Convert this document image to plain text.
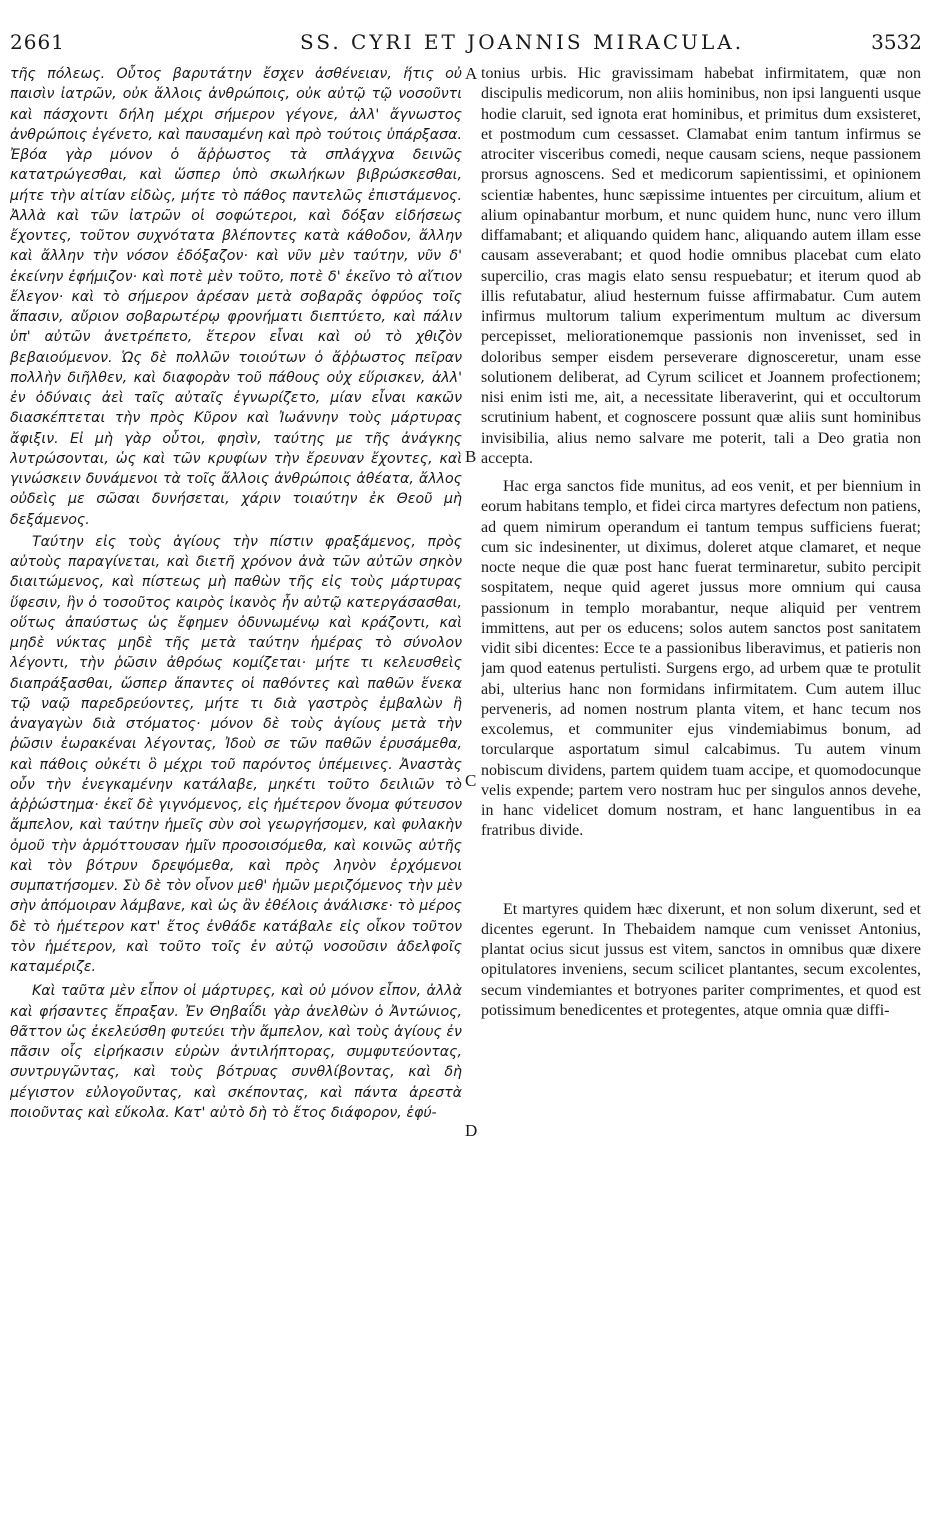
2661	SS. CYRI ET JOANNIS MIRACULA.	3532

τῆς πόλεως. Οὗτος βαρυτάτην ἔσχεν ἀσθένειαν, ἥτις οὐ παισὶν ἰατρῶν, οὐκ ἄλλοις ἀνθρώποις, οὐκ αὐτῷ τῷ νοσοῦντι καὶ πάσχοντι δήλη μέχρι σήμερον γέγονε, ἀλλ' ἄγνωστος ἀνθρώποις ἐγένετο, καὶ παυσαμένη καὶ πρὸ τούτοις ὑπάρξασα. Ἐβόα γὰρ μόνον ὁ ἄῤῥωστος τὰ σπλάγχνα δεινῶς κατατρώγεσθαι, καὶ ὥσπερ ὑπὸ σκωλήκων βιβρώσκεσθαι, μήτε τὴν αἰτίαν εἰδὼς, μήτε τὸ πάθος παντελῶς ἐπιστάμενος. Ἀλλὰ καὶ τῶν ἰατρῶν οἱ σοφώτεροι, καὶ δόξαν εἰδήσεως ἔχοντες, τοῦτον συχνότατα βλέποντες κατὰ κάθοδον, ἄλλην καὶ ἄλλην τὴν νόσον ἐδόξαζον· καὶ νῦν μὲν ταύτην, νῦν δ' ἐκείνην ἐφήμιζον· καὶ ποτὲ μὲν τοῦτο, ποτὲ δ' ἐκεῖνο τὸ αἴτιον ἔλεγον· καὶ τὸ σήμερον ἀρέσαν μετὰ σοβαρᾶς ὀφρύος τοῖς ἅπασιν, αὔριον σοβαρωτέρῳ φρονήματι διεπτύετο, καὶ πάλιν ὑπ' αὐτῶν ἀνετρέπετο, ἕτερον εἶναι καὶ οὐ τὸ χθιζὸν βεβαιούμενον. Ὡς δὲ πολλῶν τοιούτων ὁ ἄῤῥωστος πεῖραν πολλὴν διῆλθεν, καὶ διαφορὰν τοῦ πάθους οὐχ εὕρισκεν, ἀλλ' ἐν ὀδύναις ἀεὶ ταῖς αὐταῖς ἐγνωρίζετο, μίαν εἶναι κακῶν διασκέπτεται τὴν πρὸς Κῦρον καὶ Ἰωάννην τοὺς μάρτυρας ἄφιξιν. Εἰ μὴ γὰρ οὗτοι, φησὶν, ταύτης με τῆς ἀνάγκης λυτρώσονται, ὡς καὶ τῶν κρυφίων τὴν ἔρευναν ἔχοντες, καὶ γινώσκειν δυνάμενοι τὰ τοῖς ἄλλοις ἀνθρώποις ἀθέατα, ἄλλος οὐδεὶς με σῶσαι δυνήσεται, χάριν τοιαύτην ἐκ Θεοῦ μὴ δεξάμενος.

Ταύτην εἰς τοὺς ἁγίους τὴν πίστιν φραξάμενος, πρὸς αὐτοὺς παραγίνεται, καὶ διετῆ χρόνον ἀνὰ τῶν αὐτῶν σηκὸν διαιτώμενος, καὶ πίστεως μὴ παθὼν τῆς εἰς τοὺς μάρτυρας ὕφεσιν, ἣν ὁ τοσοῦτος καιρὸς ἱκανὸς ἦν αὐτῷ κατεργάσασθαι, οὕτως ἀπαύστως ὡς ἔφημεν ὀδυνωμένῳ καὶ κράζοντι, καὶ μηδὲ νύκτας μηδὲ τῆς μετὰ ταύτην ἡμέρας τὸ σύνολον λέγοντι, τὴν ῥῶσιν ἀθρόως κομίζεται· μήτε τι κελευσθεὶς διαπράξασθαι, ὥσπερ ἅπαντες οἱ παθόντες καὶ παθῶν ἕνεκα τῷ ναῷ παρεδρεύοντες, μήτε τι διὰ γαστρὸς ἐμβαλὼν ἢ ἀναγαγὼν διὰ στόματος· μόνον δὲ τοὺς ἁγίους μετὰ τὴν ῥῶσιν ἑωρακέναι λέγοντας, Ἰδοὺ σε τῶν παθῶν ἐρυσάμεθα, καὶ πάθοις οὐκέτι ὃ μέχρι τοῦ παρόντος ὑπέμεινες. Ἀναστὰς οὖν τὴν ἐνεγκαμένην κατάλαβε, μηκέτι τοῦτο δειλιῶν τὸ ἀῤῥώστημα· ἐκεῖ δὲ γιγνόμενος, εἰς ἡμέτερον ὄνομα φύτευσον ἄμπελον, καὶ ταύτην ἡμεῖς σὺν σοὶ γεωργήσομεν, καὶ φυλακὴν ὁμοῦ τὴν ἁρμόττουσαν ἡμῖν προσοισόμεθα, καὶ κοινῶς αὐτῆς καὶ τὸν βότρυν δρεψόμεθα, καὶ πρὸς ληνὸν ἐρχόμενοι συμπατήσομεν. Σὺ δὲ τὸν οἶνον μεθ' ἡμῶν μεριζόμενος τὴν μὲν σὴν ἀπόμοιραν λάμβανε, καὶ ὡς ἂν ἐθέλοις ἀνάλισκε· τὸ μέρος δὲ τὸ ἡμέτερον κατ' ἔτος ἐνθάδε κατάβαλε εἰς οἶκον τοῦτον τὸν ἡμέτερον, καὶ τοῦτο τοῖς ἐν αὐτῷ νοσοῦσιν ἀδελφοῖς καταμέριζε.

Καὶ ταῦτα μὲν εἶπον οἱ μάρτυρες, καὶ οὐ μόνον εἶπον, ἀλλὰ καὶ φήσαντες ἔπραξαν. Ἐν Θηβαΐδι γὰρ ἀνελθὼν ὁ Ἀντώνιος, θᾶττον ὡς ἐκελεύσθη φυτεύει τὴν ἄμπελον, καὶ τοὺς ἁγίους ἐν πᾶσιν οἷς εἰρήκασιν εὑρὼν ἀντιλήπτορας, συμφυτεύοντας, συντρυγῶντας, καὶ τοὺς βότρυας συνθλίβοντας, καὶ δὴ μέγιστον εὐλογοῦντας, καὶ σκέποντας, καὶ πάντα ἀρεστὰ ποιοῦντας καὶ εὔκολα. Κατ' αὐτὸ δὴ τὸ ἔτος διάφορον, ἐφύ-

A
B
C
D

tonius urbis. Hic gravissimam habebat infirmitatem, quæ non discipulis medicorum, non aliis hominibus, non ipsi languenti usque hodie claruit, sed ignota erat hominibus, et primitus dum exsisteret, et postmodum cum cessasset. Clamabat enim tantum infirmus se atrociter visceribus comedi, neque causam sciens, neque passionem prorsus agnoscens. Sed et medicorum sapientissimi, et opinionem scientiæ habentes, hunc sæpissime intuentes per circuitum, alium et alium opinabantur morbum, et nunc quidem hunc, nunc vero illum diffamabant; et aliquando quidem hanc, aliquando autem illam esse causam asseverabant; et quod hodie omnibus placebat cum elato supercilio, cras magis elato sensu respuebatur; et iterum quod ab illis refutabatur, aliud hesternum fuisse affirmabatur. Cum autem infirmus multorum talium experimentum multum ac diversum percepisset, meliorationemque passionis non invenisset, sed in doloribus semper eisdem perseverare dignosceretur, unam esse solutionem deliberat, ad Cyrum scilicet et Joannem profectionem; nisi enim isti me, ait, a necessitate liberaverint, qui et occultorum scrutinium habent, et cognoscere possunt quæ aliis sunt hominibus invisibilia, alius nemo salvare me poterit, tali a Deo gratia non accepta.

Hac erga sanctos fide munitus, ad eos venit, et per biennium in eorum habitans templo, et fidei circa martyres defectum non patiens, ad quem nimirum operandum ei tantum tempus sufficiens fuerat; cum sic indesinenter, ut diximus, doleret atque clamaret, et neque nocte neque die quæ post hanc fuerat terminaretur, subito percipit sospitatem, neque quid ageret jussus more omnium qui causa passionum in templo morabantur, neque aliquid per ventrem immittens, aut per os educens; solos autem sanctos post sanitatem vidit sibi dicentes: Ecce te a passionibus liberavimus, et patieris non jam quod eatenus pertulisti. Surgens ergo, ad urbem quæ te protulit abi, ulterius hanc non formidans infirmitatem. Cum autem illuc perveneris, ad nomen nostrum planta vitem, et hanc tecum nos excolemus, et communiter ejus vindemiabimus bonum, ad torcularque asportatum simul calcabimus. Tu autem vinum nobiscum dividens, partem quidem tuam accipe, et quomodocunque velis expende; partem vero nostram huc per singulos annos devehe, in hanc videlicet domum nostram, et hanc languentibus in ea fratribus divide.

Et martyres quidem hæc dixerunt, et non solum dixerunt, sed et dicentes egerunt. In Thebaidem namque cum venisset Antonius, plantat ocius sicut jussus est vitem, sanctos in omnibus quæ dixere opitulatores inveniens, secum scilicet plantantes, secum excolentes, secum vindemiantes et botryones pariter comprimentes, et quod est potissimum benedicentes et protegentes, atque omnia quæ diffi-
